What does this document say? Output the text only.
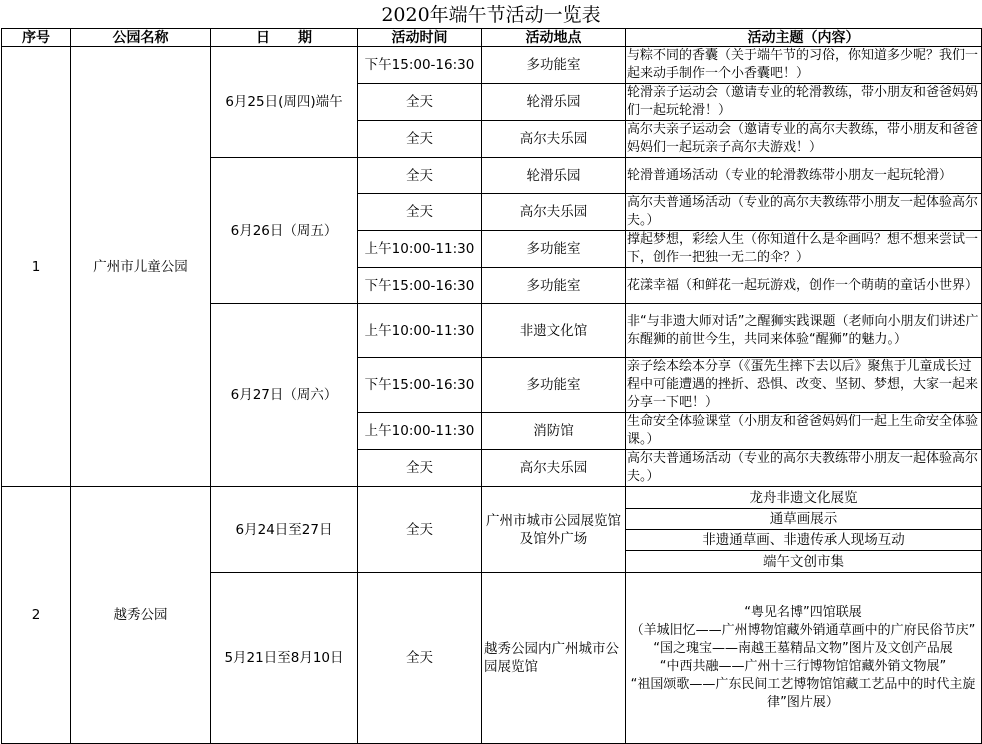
2020年端午节活动一览表
序号	公园名称	日　　期	活动时间	活动地点	活动主题（内容）
1	广州市儿童公园	6月25日(周四)端午	下午15:00-16:30	多功能室	与粽不同的香囊（关于端午节的习俗，你知道多少呢？我们一起来动手制作一个小香囊吧！）
			全天	轮滑乐园	轮滑亲子运动会（邀请专业的轮滑教练，带小朋友和爸爸妈妈们一起玩轮滑！）
			全天	高尔夫乐园	高尔夫亲子运动会（邀请专业的高尔夫教练，带小朋友和爸爸妈妈们一起玩亲子高尔夫游戏！）
		6月26日（周五）	全天	轮滑乐园	轮滑普通场活动（专业的轮滑教练带小朋友一起玩轮滑）
			全天	高尔夫乐园	高尔夫普通场活动（专业的高尔夫教练带小朋友一起体验高尔夫。）
			上午10:00-11:30	多功能室	撑起梦想，彩绘人生（你知道什么是伞画吗？想不想来尝试一下，创作一把独一无二的伞？）
			下午15:00-16:30	多功能室	花漾幸福（和鲜花一起玩游戏，创作一个萌萌的童话小世界）
		6月27日（周六）	上午10:00-11:30	非遗文化馆	非“与非遗大师对话”之醒狮实践课题（老师向小朋友们讲述广东醒狮的前世今生，共同来体验“醒狮”的魅力。）
			下午15:00-16:30	多功能室	亲子绘本绘本分享（《蛋先生摔下去以后》聚焦于儿童成长过程中可能遭遇的挫折、恐惧、改变、坚韧、梦想，大家一起来分享一下吧！）
			上午10:00-11:30	消防馆	生命安全体验课堂（小朋友和爸爸妈妈们一起上生命安全体验课。）
			全天	高尔夫乐园	高尔夫普通场活动（专业的高尔夫教练带小朋友一起体验高尔夫。）
2	越秀公园	6月24日至27日	全天	广州市城市公园展览馆及馆外广场	龙舟非遗文化展览
					通草画展示
					非遗通草画、非遗传承人现场互动
					端午文创市集
		5月21日至8月10日	全天	越秀公园内广州城市公园展览馆	“粤见名博”四馆联展
（羊城旧忆——广州博物馆藏外销通草画中的广府民俗节庆”
“国之瑰宝——南越王墓精品文物”图片及文创产品展
“中西共融——广州十三行博物馆馆藏外销文物展”
“祖国颂歌——广东民间工艺博物馆馆藏工艺品中的时代主旋律”图片展）
